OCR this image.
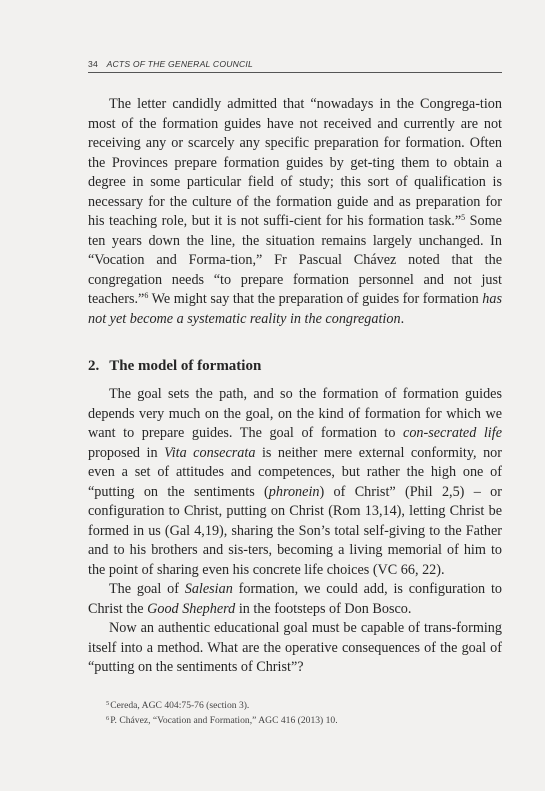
34 ACTS OF THE GENERAL COUNCIL

The letter candidly admitted that “nowadays in the Congrega-tion most of the formation guides have not received and currently are not receiving any or scarcely any specific preparation for formation. Often the Provinces prepare formation guides by get-ting them to obtain a degree in some particular field of study; this sort of qualification is necessary for the culture of the formation guide and as preparation for his teaching role, but it is not suffi-cient for his formation task.”$^5$ Some ten years down the line, the situation remains largely unchanged. In “Vocation and Forma-tion,” Fr Pascual Chávez noted that the congregation needs “to prepare formation personnel and not just teachers.”$^6$ We might say that the preparation of guides for formation has not yet become a systematic reality in the congregation.

2. The model of formation

The goal sets the path, and so the formation of formation guides depends very much on the goal, on the kind of formation for which we want to prepare guides. The goal of formation to con-secrated life proposed in Vita consecrata is neither mere external conformity, nor even a set of attitudes and competences, but rather the high one of “putting on the sentiments (phronein) of Christ” (Phil 2,5) – or configuration to Christ, putting on Christ (Rom 13,14), letting Christ be formed in us (Gal 4,19), sharing the Son’s total self-giving to the Father and to his brothers and sis-ters, becoming a living memorial of him to the point of sharing even his concrete life choices (VC 66, 22).

The goal of Salesian formation, we could add, is configuration to Christ the Good Shepherd in the footsteps of Don Bosco.

Now an authentic educational goal must be capable of trans-forming itself into a method. What are the operative consequences of the goal of “putting on the sentiments of Christ”?

$^5$Cereda, AGC 404:75-76 (section 3).
$^6$P. Chávez, “Vocation and Formation,” AGC 416 (2013) 10.
